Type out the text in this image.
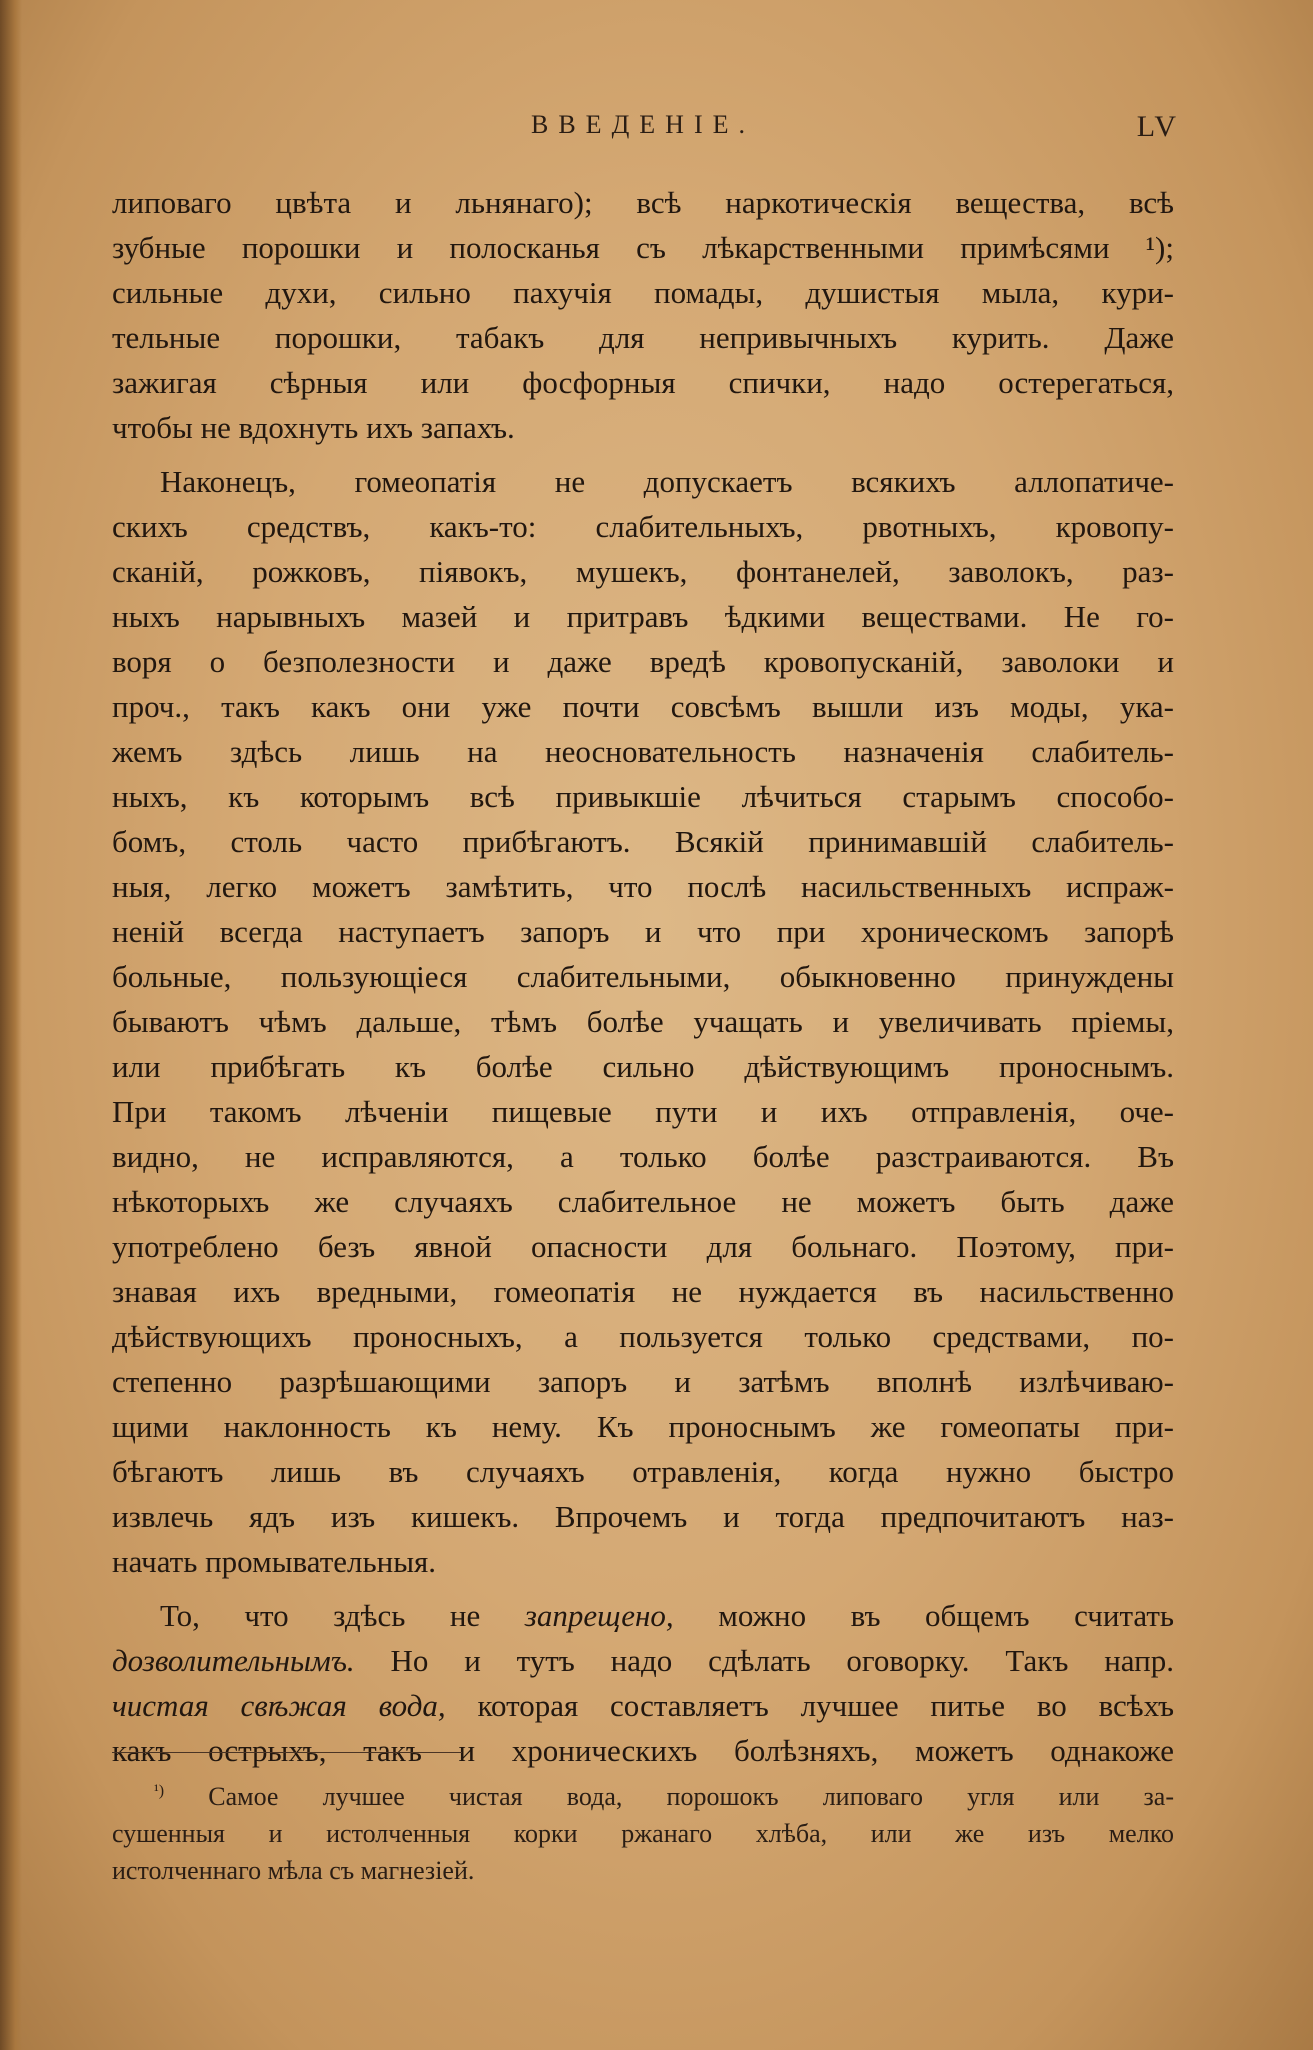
ВВЕДЕНІЕ.	LV
липоваго цвѣта и льнянаго); всѣ наркотическія вещества, всѣ
зубные порошки и полосканья съ лѣкарственными примѣсями ¹);
сильные духи, сильно пахучія помады, душистыя мыла, кури-
тельные порошки, табакъ для непривычныхъ курить. Даже
зажигая сѣрныя или фосфорныя спички, надо остерегаться,
чтобы не вдохнуть ихъ запахъ.
Наконецъ, гомеопатія не допускаетъ всякихъ аллопатиче-
скихъ средствъ, какъ-то: слабительныхъ, рвотныхъ, кровопу-
сканій, рожковъ, піявокъ, мушекъ, фонтанелей, заволокъ, раз-
ныхъ нарывныхъ мазей и притравъ ѣдкими веществами. Не го-
воря о безполезности и даже вредѣ кровопусканій, заволоки и
проч., такъ какъ они уже почти совсѣмъ вышли изъ моды, ука-
жемъ здѣсь лишь на неосновательность назначенія слабитель-
ныхъ, къ которымъ всѣ привыкшіе лѣчиться старымъ способо-
бомъ, столь часто прибѣгаютъ. Всякій принимавшій слабитель-
ныя, легко можетъ замѣтить, что послѣ насильственныхъ испраж-
неній всегда наступаетъ запоръ и что при хроническомъ запорѣ
больные, пользующіеся слабительными, обыкновенно принуждены
бываютъ чѣмъ дальше, тѣмъ болѣе учащать и увеличивать пріемы,
или прибѣгать къ болѣе сильно дѣйствующимъ проноснымъ.
При такомъ лѣченіи пищевые пути и ихъ отправленія, оче-
видно, не исправляются, а только болѣе разстраиваются. Въ
нѣкоторыхъ же случаяхъ слабительное не можетъ быть даже
употреблено безъ явной опасности для больнаго. Поэтому, при-
знавая ихъ вредными, гомеопатія не нуждается въ насильственно
дѣйствующихъ проносныхъ, а пользуется только средствами, по-
степенно разрѣшающими запоръ и затѣмъ вполнѣ излѣчиваю-
щими наклонность къ нему. Къ проноснымъ же гомеопаты при-
бѣгаютъ лишь въ случаяхъ отравленія, когда нужно быстро
извлечь ядъ изъ кишекъ. Впрочемъ и тогда предпочитаютъ наз-
начать промывательныя.
То, что здѣсь не запрещено, можно въ общемъ считать
дозволительнымъ. Но и тутъ надо сдѣлать оговорку. Такъ напр.
чистая свѣжая вода, которая составляетъ лучшее питье во всѣхъ
какъ острыхъ, такъ и хроническихъ болѣзняхъ, можетъ однакоже
$^{^1)}$ Самое лучшее чистая вода, порошокъ липоваго угля или за-
сушенныя и истолченныя корки ржанаго хлѣба, или же изъ мелко
истолченнаго мѣла съ магнезіей.
